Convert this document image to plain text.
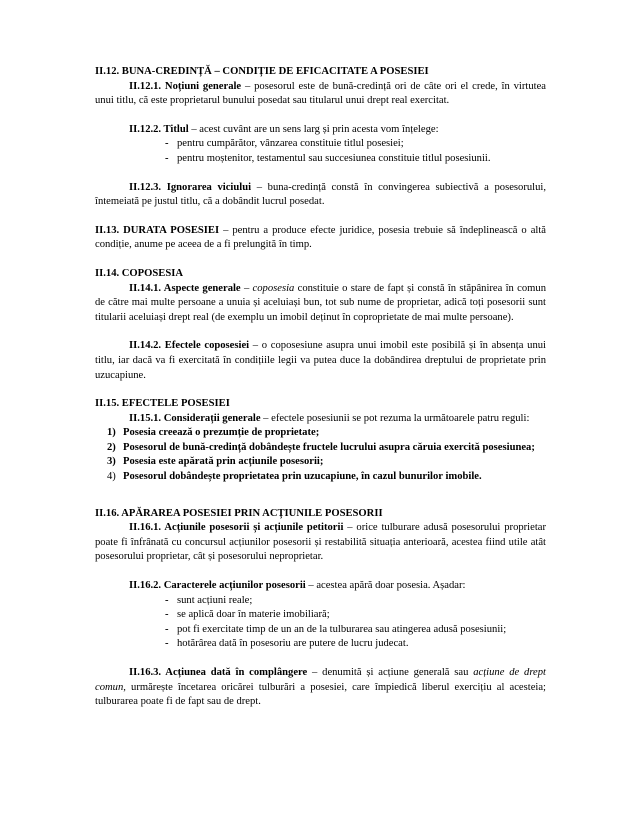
II.12. BUNA-CREDINȚĂ – CONDIȚIE DE EFICACITATE A POSESIEI

II.12.1. Noțiuni generale – posesorul este de bună-credință ori de câte ori el crede, în virtutea unui titlu, că este proprietarul bunului posedat sau titularul unui drept real exercitat.

II.12.2. Titlul – acest cuvânt are un sens larg și prin acesta vom înțelege:

- pentru cumpărător, vânzarea constituie titlul posesiei;
- pentru moștenitor, testamentul sau succesiunea constituie titlul posesiunii.

II.12.3. Ignorarea viciului – buna-credință constă în convingerea subiectivă a posesorului, întemeiată pe justul titlu, că a dobândit lucrul posedat.

II.13. DURATA POSESIEI – pentru a produce efecte juridice, posesia trebuie să îndeplinească o altă condiție, anume pe aceea de a fi prelungită în timp.

II.14. COPOSESIA

II.14.1. Aspecte generale – coposesia constituie o stare de fapt și constă în stăpânirea în comun de către mai multe persoane a unuia și aceluiași bun, tot sub nume de proprietar, adică toți posesorii sunt titularii aceluiași drept real (de exemplu un imobil deținut în coproprietate de mai multe persoane).

II.14.2. Efectele coposesiei – o coposesiune asupra unui imobil este posibilă și în absența unui titlu, iar dacă va fi exercitată în condițiile legii va putea duce la dobândirea dreptului de proprietate prin uzucapiune.

II.15. EFECTELE POSESIEI

II.15.1. Considerații generale – efectele posesiunii se pot rezuma la următoarele patru reguli:

1) Posesia creează o prezumție de proprietate;
2) Posesorul de bună-credință dobândește fructele lucrului asupra căruia exercită posesiunea;
3) Posesia este apărată prin acțiunile posesorii;
4) Posesorul dobândește proprietatea prin uzucapiune, în cazul bunurilor imobile.

II.16. APĂRAREA POSESIEI PRIN ACȚIUNILE POSESORII

II.16.1. Acțiunile posesorii și acțiunile petitorii – orice tulburare adusă posesorului proprietar poate fi înfrânată cu concursul acțiunilor posesorii și restabilită situația anterioară, acestea fiind utile atât posesorului proprietar, cât și posesorului neproprietar.

II.16.2. Caracterele acțiunilor posesorii – acestea apără doar posesia. Așadar:

- sunt acțiuni reale;
- se aplică doar în materie imobiliară;
- pot fi exercitate timp de un an de la tulburarea sau atingerea adusă posesiunii;
- hotărârea dată în posesoriu are putere de lucru judecat.

II.16.3. Acțiunea dată în complângere – denumită și acțiune generală sau acțiune de drept comun, urmărește încetarea oricărei tulburări a posesiei, care împiedică liberul exercițiu al acesteia; tulburarea poate fi de fapt sau de drept.
